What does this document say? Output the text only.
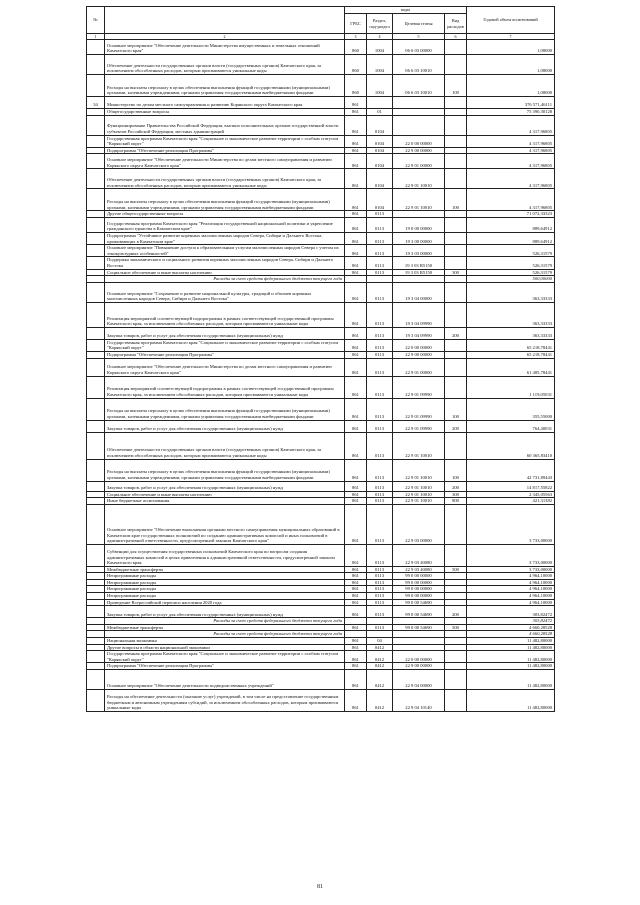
№		коды				Годовой объем ассигнований
		ГРБС	Раздел, под-раздел	Целевая статья	Вид расходов	
1	2	3	4	5	6	7
	Основное мероприятие "Обеспечение деятельности Министерства имущественных и земельных отношений Камчатского края"	860	1004	06 6 03 00000		1,08000
	Обеспечение деятельности государственных органов власти (государственных органов) Камчатского края, за исключением обособленных расходов, которым присваиваются уникальные коды	860	1004	06 6 03 10010		1,08000
	Расходы на выплаты персоналу в целях обеспечения выполнения функций государственными (муниципальными) органами, казенными учреждениями, органами управления государственными внебюджетными фондами	860	1004	06 6 03 10010	100	1,08000
34	Министерство по делам местного самоуправления и развитию Корякского округа Камчатского края	861				376 571,46111
	Общегосударственные вопросы	861	01			75 390,30128
	Функционирование Правительства Российской Федерации, высших исполнительных органов государственной власти субъектов Российской Федерации, местных администраций	861	0104			4 317,96805
	Государственная программа Камчатского края "Социальное и экономическое развитие территории с особым статусом "Корякский округ"	861	0104	22 0 00 00000		4 317,96805
	Подпрограмма "Обеспечение реализации Программы"	861	0104	22 9 00 00000		4 317,96805
	Основное мероприятие "Обеспечение деятельности Министерства по делам местного самоуправления и развитию Корякского округа Камчатского края"	861	0104	22 9 01 00000		4 317,96805
	Обеспечение деятельности государственных органов власти (государственных органов) Камчатского края, за исключением обособленных расходов, которым присваиваются уникальные коды	861	0104	22 9 01 10010		4 317,96805
	Расходы на выплаты персоналу в целях обеспечения выполнения функций государственными (муниципальными) органами, казенными учреждениями, органами управления государственными внебюджетными фондами	861	0104	22 9 01 10010	100	4 317,96805
	Другие общегосударственные вопросы	861	0113			71 072,33323
	Государственная программа Камчатского края "Реализация государственной национальной политики и укрепление гражданского единства в Камчатском крае"	861	0113	19 0 00 00000		889,64912
	Подпрограмма "Устойчивое развитие коренных малочисленных народов Севера, Сибири и Дальнего Востока, проживающих в Камчатском крае"	861	0113	19 3 00 00000		889,64912
	Основное мероприятие "Повышение доступа к образовательным услугам малочисленных народов Севера с учетом их этнокультурных особенностей"	861	0113	19 3 03 00000		526,31579
	Поддержка экономического и социального развития коренных малочисленных народов Севера, Сибири и Дальнего Востока	861	0113	19 3 03 R5150		526,31579
	Социальное обеспечение и иные выплаты населению	861	0113	19 3 03 R5150	300	526,31579
	Расходы за счет средств федерального бюджета текущего года					500,00000
	Основное мероприятие "Сохранение и развитие национальной культуры, традиций и обычаев коренных малочисленных народов Севера, Сибири и Дальнего Востока"	861	0113	19 3 04 00000		363,33333
	Реализация мероприятий соответствующей подпрограммы в рамках соответствующей государственной программы Камчатского края, за исключением обособленных расходов, которым присваиваются уникальные коды	861	0113	19 3 04 09990		363,33333
	Закупка товаров, работ и услуг для обеспечения государственных (муниципальных) нужд	861	0113	19 3 04 09990	200	363,33333
	Государственная программа Камчатского края "Социальное и экономическое развитие территории с особым статусом "Корякский округ"	861	0113	22 0 00 00000		65 218,78441
	Подпрограмма "Обеспечение реализации Программы"	861	0113	22 9 00 00000		65 218,78441
	Основное мероприятие "Обеспечение деятельности Министерства по делам местного самоуправления и развитию Корякского округа Камчатского края"	861	0113	22 9 01 00000		61 485,78441
	Реализация мероприятий соответствующей подпрограммы в рамках соответствующей государственной программы Камчатского края, за исключением обособленных расходов, которым присваиваются уникальные коды	861	0113	22 9 01 09990		1 119,05031
	Расходы на выплаты персоналу в целях обеспечения выполнения функций государственными (муниципальными) органами, казенными учреждениями, органами управления государственными внебюджетными фондами	861	0113	22 9 01 09990	100	355,55000
	Закупка товаров, работ и услуг для обеспечения государственных (муниципальных) нужд	861	0113	22 9 01 09990	200	764,40031
	Обеспечение деятельности государственных органов власти (государственных органов) Камчатского края, за исключением обособленных расходов, которым присваиваются уникальные коды	861	0113	22 9 01 10010		60 365,83410
	Расходы на выплаты персоналу в целях обеспечения выполнения функций государственными (муниципальными) органами, казенными учреждениями, органами управления государственными внебюджетными фондами	861	0113	22 9 01 10010	100	42 731,89443
	Закупка товаров, работ и услуг для обеспечения государственных (муниципальных) нужд	861	0113	22 9 01 10010	200	14 817,55822
	Социальное обеспечение и иные выплаты населению	861	0113	22 9 01 10010	300	2 345,05563
	Иные бюджетные ассигнования	861	0113	22 9 01 10010	800	421,31382
	Основное мероприятие "Обеспечение выполнения органами местного самоуправления муниципальных образований в Камчатском крае государственных полномочий по созданию административных комиссий и иных полномочий в административной ответственности, предусмотренной законом Камчатского края"	861	0113	22 9 03 00000		3 733,00000
	Субвенции для осуществления государственных полномочий Камчатского края по вопросам создания административных комиссий в целях привлечения к административной ответственности, предусмотренной законом Камчатского края	861	0113	22 9 03 40080		3 733,00000
	Межбюджетные трансферты	861	0113	22 9 03 40080	500	3 733,00000
	Непрограммные расходы	861	0113	99 0 00 00000		4 964,10000
	Непрограммные расходы	861	0113	99 0 00 00000		4 964,10000
	Непрограммные расходы	861	0113	99 0 00 00000		4 964,10000
	Непрограммные расходы	861	0113	99 0 00 00000		4 964,10000
	Проведение Всероссийской переписи населения 2020 года	861	0113	99 0 00 54690		4 964,10000
	Закупка товаров, работ и услуг для обеспечения государственных (муниципальных) нужд	861	0113	99 0 00 54690	200	303,82472
	Расходы за счет средств федерального бюджета текущего года					303,82472
	Межбюджетные трансферты	861	0113	99 0 00 54690	500	4 660,28528
	Расходы за счет средств федерального бюджета текущего года					4 660,28528
	Национальная экономика	861	04			11 482,80000
	Другие вопросы в области национальной экономики	861	0412			11 482,80000
	Государственная программа Камчатского края "Социальное и экономическое развитие территории с особым статусом "Корякский округ"	861	0412	22 0 00 00000		11 482,80000
	Подпрограмма "Обеспечение реализации Программы"	861	0412	22 9 00 00000		11 482,80000
	Основное мероприятие "Обеспечение деятельности подведомственных учреждений"	861	0412	22 9 04 00000		11 482,80000
	Расходы на обеспечение деятельности (оказание услуг) учреждений, в том числе на предоставление государственным бюджетным и автономным учреждениям субсидий, за исключением обособленных расходов, которым присваиваются уникальные коды	861	0412	22 9 04 10140		11 482,80000
81
